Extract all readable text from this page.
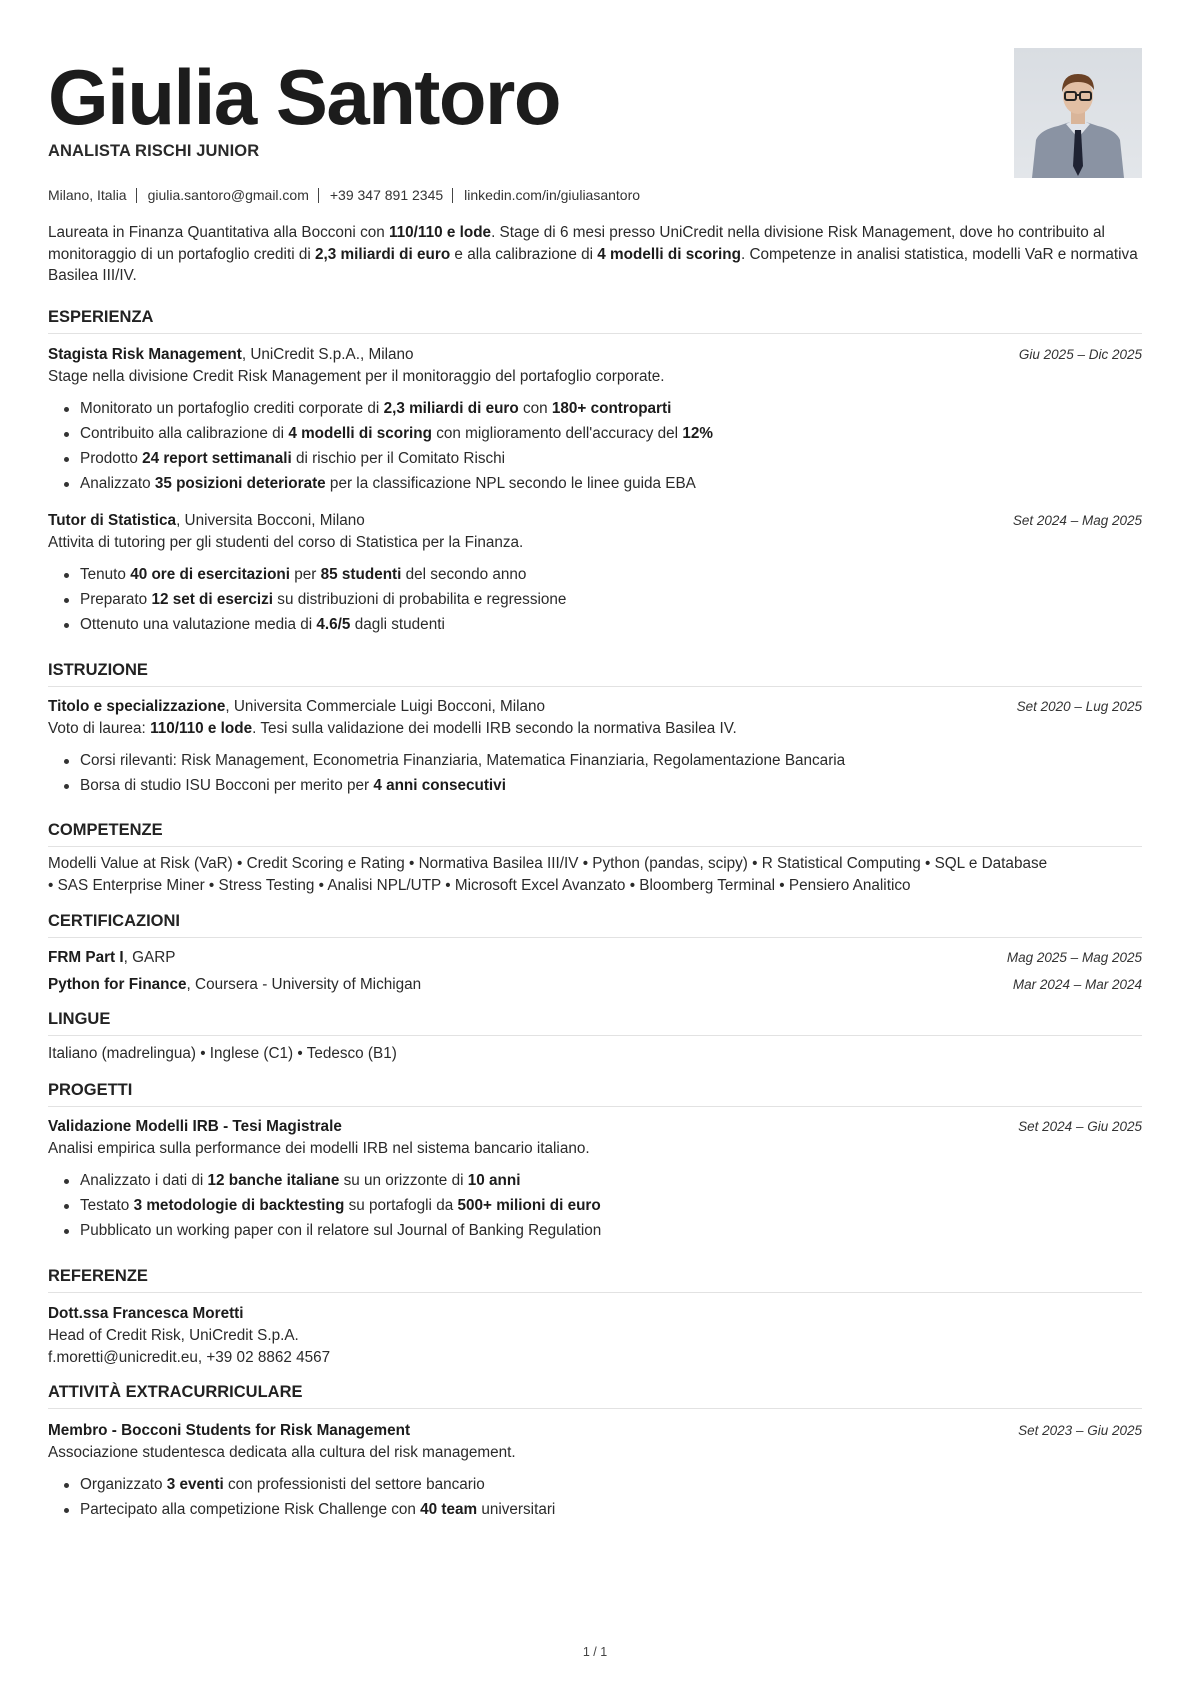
Giulia Santoro
ANALISTA RISCHI JUNIOR
Milano, Italia giulia.santoro@gmail.com +39 347 891 2345 linkedin.com/in/giuliasantoro
Laureata in Finanza Quantitativa alla Bocconi con 110/110 e lode. Stage di 6 mesi presso UniCredit nella divisione Risk Management, dove ho contribuito al monitoraggio di un portafoglio crediti di 2,3 miliardi di euro e alla calibrazione di 4 modelli di scoring. Competenze in analisi statistica, modelli VaR e normativa Basilea III/IV.
ESPERIENZA
Stagista Risk Management, UniCredit S.p.A., Milano	Giu 2025 – Dic 2025
Stage nella divisione Credit Risk Management per il monitoraggio del portafoglio corporate.
Monitorato un portafoglio crediti corporate di 2,3 miliardi di euro con 180+ controparti
Contribuito alla calibrazione di 4 modelli di scoring con miglioramento dell'accuracy del 12%
Prodotto 24 report settimanali di rischio per il Comitato Rischi
Analizzato 35 posizioni deteriorate per la classificazione NPL secondo le linee guida EBA
Tutor di Statistica, Universita Bocconi, Milano	Set 2024 – Mag 2025
Attivita di tutoring per gli studenti del corso di Statistica per la Finanza.
Tenuto 40 ore di esercitazioni per 85 studenti del secondo anno
Preparato 12 set di esercizi su distribuzioni di probabilita e regressione
Ottenuto una valutazione media di 4.6/5 dagli studenti
ISTRUZIONE
Titolo e specializzazione, Universita Commerciale Luigi Bocconi, Milano	Set 2020 – Lug 2025
Voto di laurea: 110/110 e lode. Tesi sulla validazione dei modelli IRB secondo la normativa Basilea IV.
Corsi rilevanti: Risk Management, Econometria Finanziaria, Matematica Finanziaria, Regolamentazione Bancaria
Borsa di studio ISU Bocconi per merito per 4 anni consecutivi
COMPETENZE
Modelli Value at Risk (VaR) • Credit Scoring e Rating • Normativa Basilea III/IV • Python (pandas, scipy) • R Statistical Computing • SQL e Database
• SAS Enterprise Miner • Stress Testing • Analisi NPL/UTP • Microsoft Excel Avanzato • Bloomberg Terminal • Pensiero Analitico
CERTIFICAZIONI
FRM Part I, GARP	Mag 2025 – Mag 2025
Python for Finance, Coursera - University of Michigan	Mar 2024 – Mar 2024
LINGUE
Italiano (madrelingua) • Inglese (C1) • Tedesco (B1)
PROGETTI
Validazione Modelli IRB - Tesi Magistrale	Set 2024 – Giu 2025
Analisi empirica sulla performance dei modelli IRB nel sistema bancario italiano.
Analizzato i dati di 12 banche italiane su un orizzonte di 10 anni
Testato 3 metodologie di backtesting su portafogli da 500+ milioni di euro
Pubblicato un working paper con il relatore sul Journal of Banking Regulation
REFERENZE
Dott.ssa Francesca Moretti
Head of Credit Risk, UniCredit S.p.A.
f.moretti@unicredit.eu, +39 02 8862 4567
ATTIVITÀ EXTRACURRICULARE
Membro - Bocconi Students for Risk Management	Set 2023 – Giu 2025
Associazione studentesca dedicata alla cultura del risk management.
Organizzato 3 eventi con professionisti del settore bancario
Partecipato alla competizione Risk Challenge con 40 team universitari
1 / 1
